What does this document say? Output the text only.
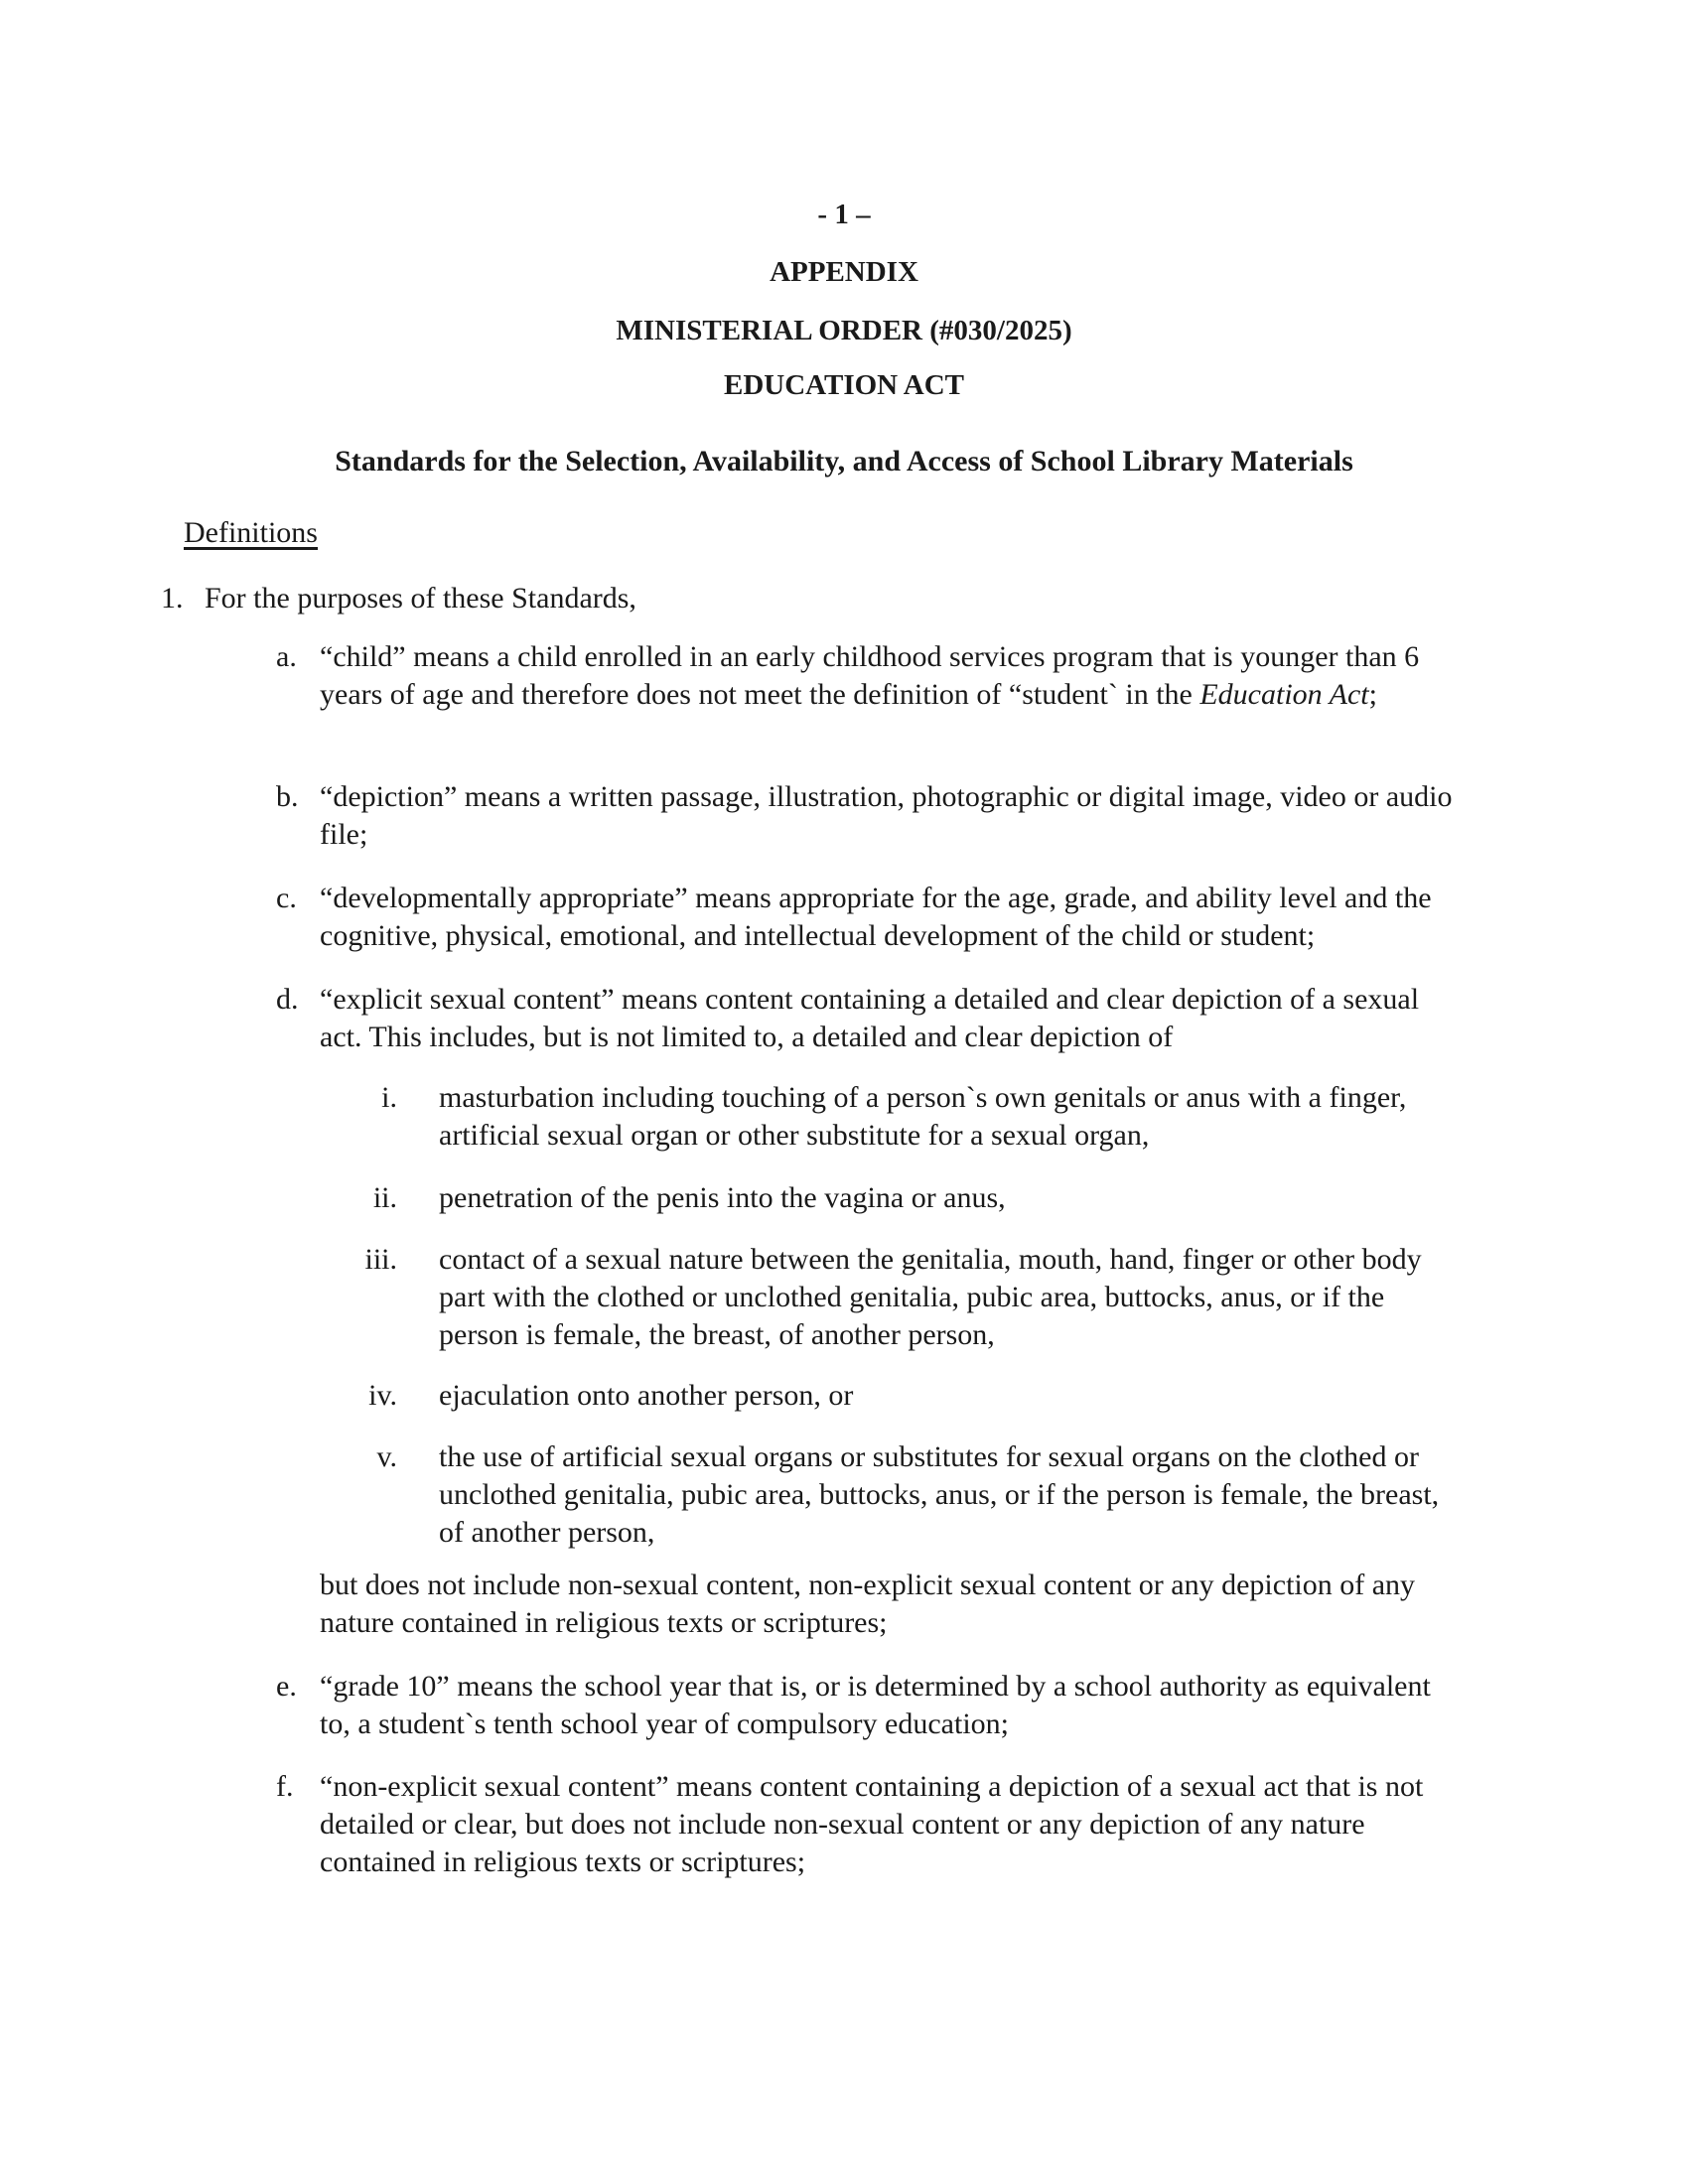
- 1 –
APPENDIX
MINISTERIAL ORDER (#030/2025)
EDUCATION ACT
Standards for the Selection, Availability, and Access of School Library Materials
Definitions
1. For the purposes of these Standards,
a. “child” means a child enrolled in an early childhood services program that is younger than 6 years of age and therefore does not meet the definition of “student` in the Education Act;
b. “depiction” means a written passage, illustration, photographic or digital image, video or audio file;
c. “developmentally appropriate” means appropriate for the age, grade, and ability level and the cognitive, physical, emotional, and intellectual development of the child or student;
d. “explicit sexual content” means content containing a detailed and clear depiction of a sexual act. This includes, but is not limited to, a detailed and clear depiction of
i. masturbation including touching of a person`s own genitals or anus with a finger, artificial sexual organ or other substitute for a sexual organ,
ii. penetration of the penis into the vagina or anus,
iii. contact of a sexual nature between the genitalia, mouth, hand, finger or other body part with the clothed or unclothed genitalia, pubic area, buttocks, anus, or if the person is female, the breast, of another person,
iv. ejaculation onto another person, or
v. the use of artificial sexual organs or substitutes for sexual organs on the clothed or unclothed genitalia, pubic area, buttocks, anus, or if the person is female, the breast, of another person,
but does not include non-sexual content, non-explicit sexual content or any depiction of any nature contained in religious texts or scriptures;
e. “grade 10” means the school year that is, or is determined by a school authority as equivalent to, a student`s tenth school year of compulsory education;
f. “non-explicit sexual content” means content containing a depiction of a sexual act that is not detailed or clear, but does not include non-sexual content or any depiction of any nature contained in religious texts or scriptures;
